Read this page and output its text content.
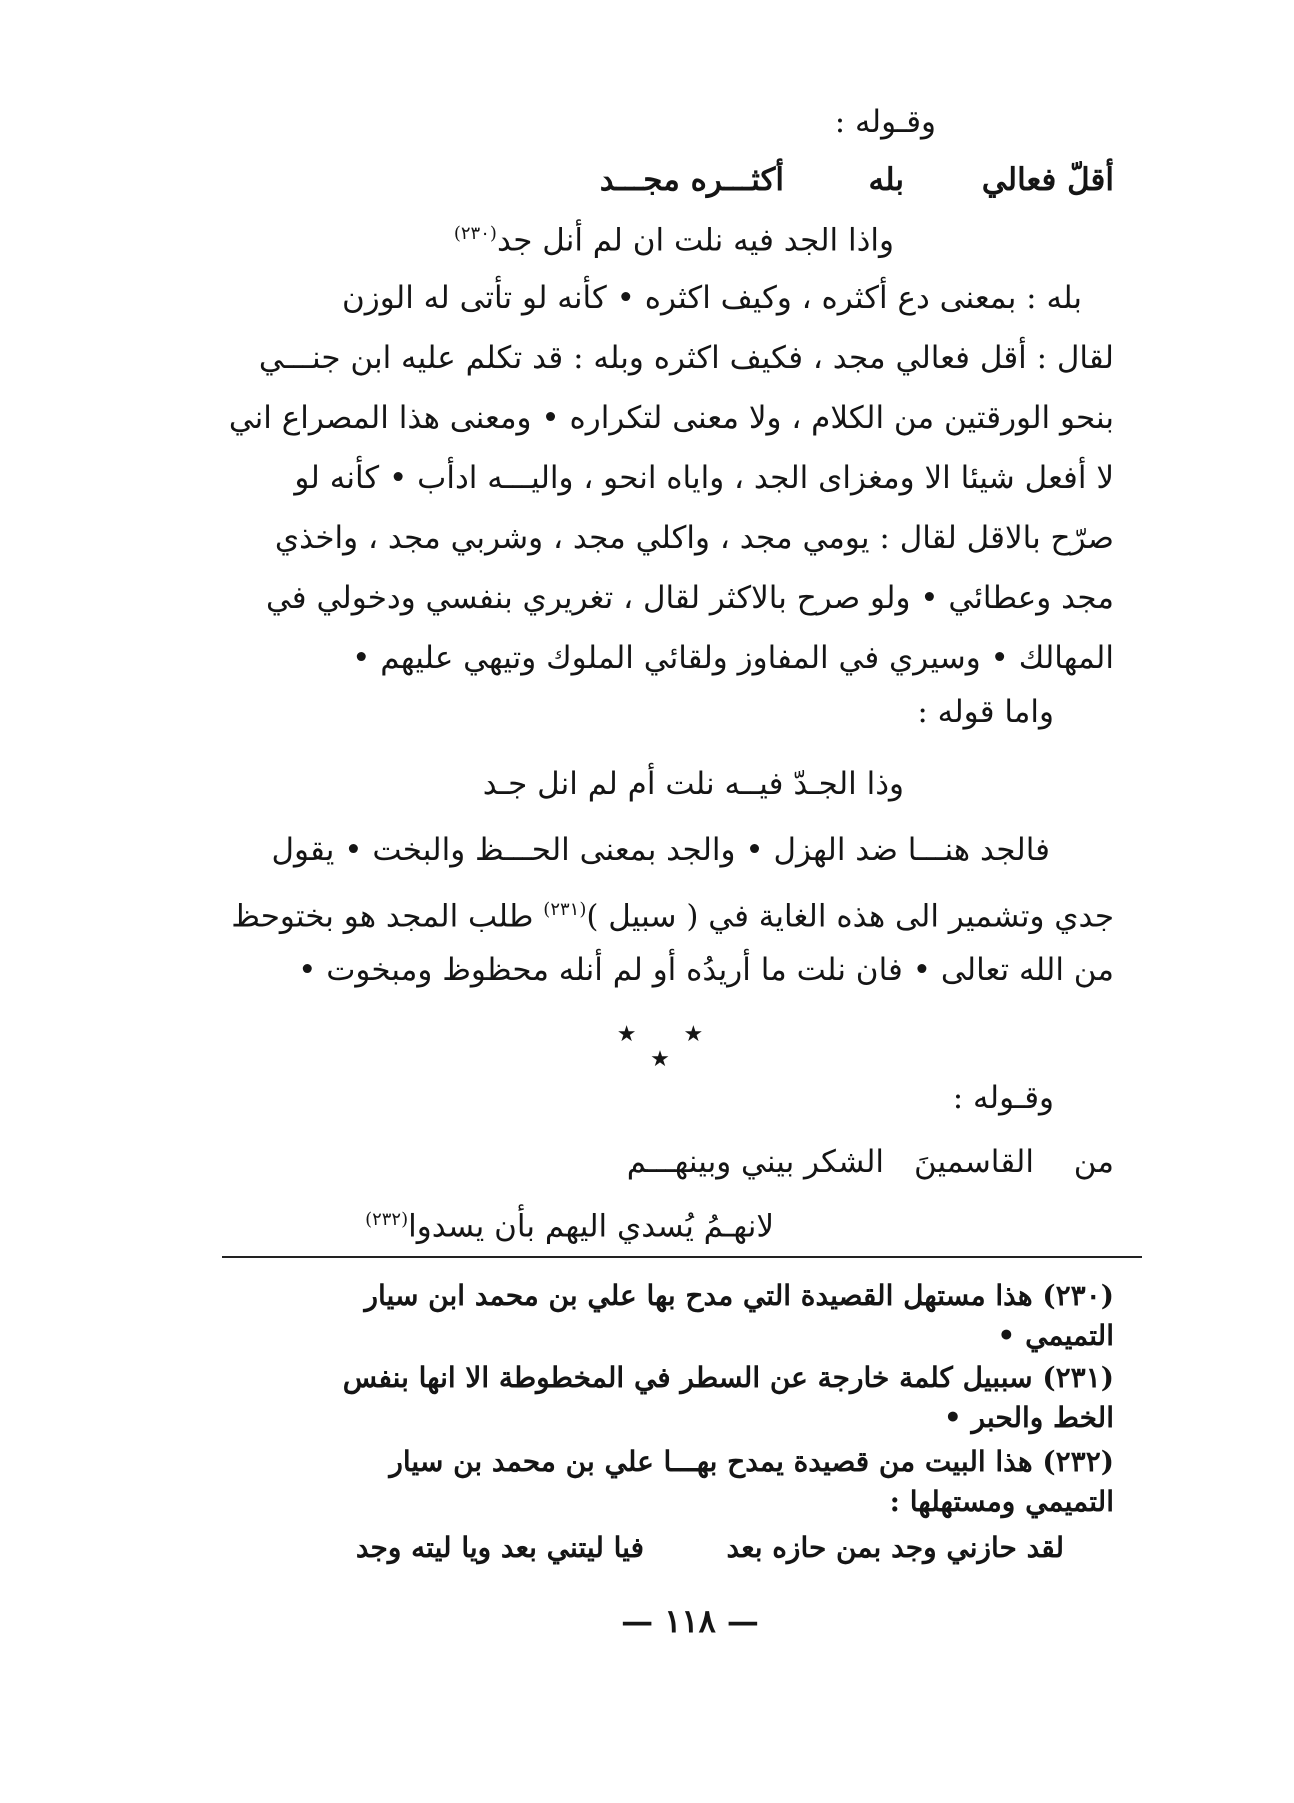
وقـوله :
أقلّ فعالي
بله
أكثـــره مجـــد
واذا الجد فيه نلت ان لم أنل جد$^{(٢٣٠)}$
بله : بمعنى دع أكثره ، وكيف اكثره • كأنه لو تأتى له الوزن
لقال : أقل فعالي مجد ، فكيف اكثره وبله : قد تكلم عليه ابن جنـــي
بنحو الورقتين من الكلام ، ولا معنى لتكراره • ومعنى هذا المصراع اني
لا أفعل شيئا الا ومغزاى الجد ، واياه انحو ، واليـــه ادأب • كأنه لو
صرّح بالاقل لقال : يومي مجد ، واكلي مجد ، وشربي مجد ، واخذي
مجد وعطائي • ولو صرح بالاكثر لقال ، تغريري بنفسي ودخولي في
المهالك • وسيري في المفاوز ولقائي الملوك وتيهي عليهم •
واما قوله :
وذا الجـدّ فيــه نلت أم لم انل جـد
فالجد هنـــا ضد الهزل • والجد بمعنى الحـــظ والبخت • يقول
جدي وتشمير الى هذه الغاية في ( سبيل )$^{(٢٣١)}$ طلب المجد هو بختوحظ
من الله تعالى • فان نلت ما أريدُه أو لم أنله محظوظ ومبخوت •
★ ★ ★
وقـوله :
من
القاسمينَ
الشكر بيني وبينهـــم
لانهـمُ يُسدي اليهم بأن يسدوا$^{(٢٣٢)}$
(٢٣٠) هذا مستهل القصيدة التي مدح بها علي بن محمد ابن سيار
التميمي •
(٢٣١) سببيل كلمة خارجة عن السطر في المخطوطة الا انها بنفس
الخط والحبر •
(٢٣٢) هذا البيت من قصيدة يمدح بهـــا علي بن محمد بن سيار
التميمي ومستهلها :
لقد حازني وجد بمن حازه بعد
فيا ليتني بعد ويا ليته وجد
— ١١٨ —
